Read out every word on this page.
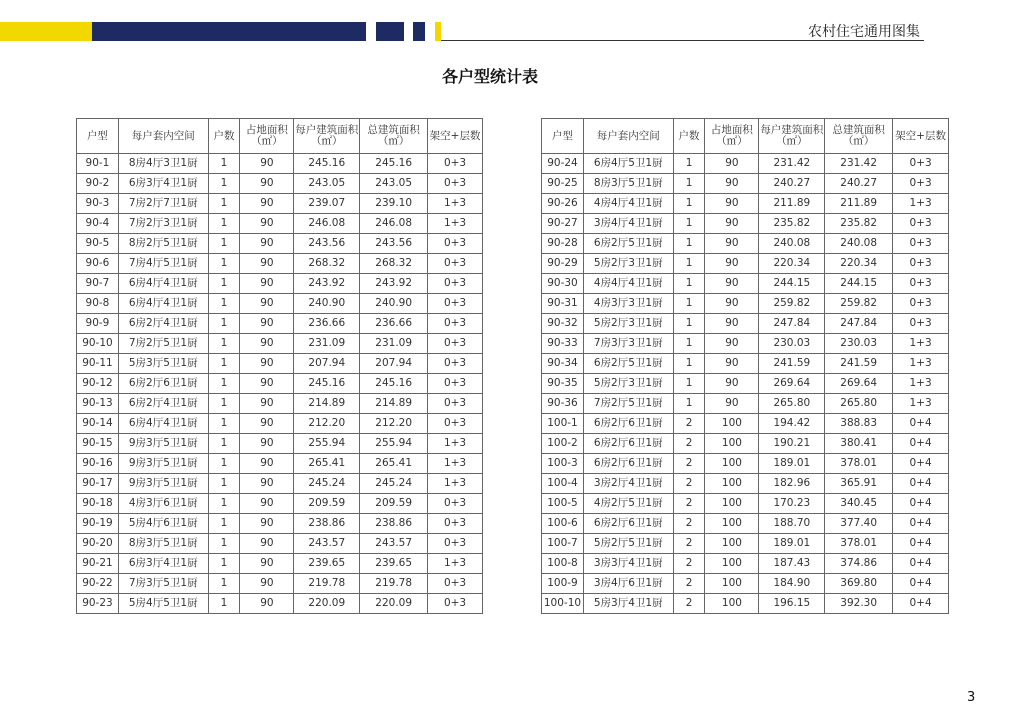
农村住宅通用图集
各户型统计表
户型	每户套内空间	户数	占地面积（㎡）	每户建筑面积（㎡）	总建筑面积（㎡）	架空+层数
90-1	8房4厅3卫1厨	1	90	245.16	245.16	0+3
90-2	6房3厅4卫1厨	1	90	243.05	243.05	0+3
90-3	7房2厅7卫1厨	1	90	239.07	239.10	1+3
90-4	7房2厅3卫1厨	1	90	246.08	246.08	1+3
90-5	8房2厅5卫1厨	1	90	243.56	243.56	0+3
90-6	7房4厅5卫1厨	1	90	268.32	268.32	0+3
90-7	6房4厅4卫1厨	1	90	243.92	243.92	0+3
90-8	6房4厅4卫1厨	1	90	240.90	240.90	0+3
90-9	6房2厅4卫1厨	1	90	236.66	236.66	0+3
90-10	7房2厅5卫1厨	1	90	231.09	231.09	0+3
90-11	5房3厅5卫1厨	1	90	207.94	207.94	0+3
90-12	6房2厅6卫1厨	1	90	245.16	245.16	0+3
90-13	6房2厅4卫1厨	1	90	214.89	214.89	0+3
90-14	6房4厅4卫1厨	1	90	212.20	212.20	0+3
90-15	9房3厅5卫1厨	1	90	255.94	255.94	1+3
90-16	9房3厅5卫1厨	1	90	265.41	265.41	1+3
90-17	9房3厅5卫1厨	1	90	245.24	245.24	1+3
90-18	4房3厅6卫1厨	1	90	209.59	209.59	0+3
90-19	5房4厅6卫1厨	1	90	238.86	238.86	0+3
90-20	8房3厅5卫1厨	1	90	243.57	243.57	0+3
90-21	6房3厅4卫1厨	1	90	239.65	239.65	1+3
90-22	7房3厅5卫1厨	1	90	219.78	219.78	0+3
90-23	5房4厅5卫1厨	1	90	220.09	220.09	0+3
户型	每户套内空间	户数	占地面积（㎡）	每户建筑面积（㎡）	总建筑面积（㎡）	架空+层数
90-24	6房4厅5卫1厨	1	90	231.42	231.42	0+3
90-25	8房3厅5卫1厨	1	90	240.27	240.27	0+3
90-26	4房4厅4卫1厨	1	90	211.89	211.89	1+3
90-27	3房4厅4卫1厨	1	90	235.82	235.82	0+3
90-28	6房2厅5卫1厨	1	90	240.08	240.08	0+3
90-29	5房2厅3卫1厨	1	90	220.34	220.34	0+3
90-30	4房4厅4卫1厨	1	90	244.15	244.15	0+3
90-31	4房3厅3卫1厨	1	90	259.82	259.82	0+3
90-32	5房2厅3卫1厨	1	90	247.84	247.84	0+3
90-33	7房3厅3卫1厨	1	90	230.03	230.03	1+3
90-34	6房2厅5卫1厨	1	90	241.59	241.59	1+3
90-35	5房2厅3卫1厨	1	90	269.64	269.64	1+3
90-36	7房2厅5卫1厨	1	90	265.80	265.80	1+3
100-1	6房2厅6卫1厨	2	100	194.42	388.83	0+4
100-2	6房2厅6卫1厨	2	100	190.21	380.41	0+4
100-3	6房2厅6卫1厨	2	100	189.01	378.01	0+4
100-4	3房2厅4卫1厨	2	100	182.96	365.91	0+4
100-5	4房2厅5卫1厨	2	100	170.23	340.45	0+4
100-6	6房2厅6卫1厨	2	100	188.70	377.40	0+4
100-7	5房2厅5卫1厨	2	100	189.01	378.01	0+4
100-8	3房3厅4卫1厨	2	100	187.43	374.86	0+4
100-9	3房4厅6卫1厨	2	100	184.90	369.80	0+4
100-10	5房3厅4卫1厨	2	100	196.15	392.30	0+4
3
